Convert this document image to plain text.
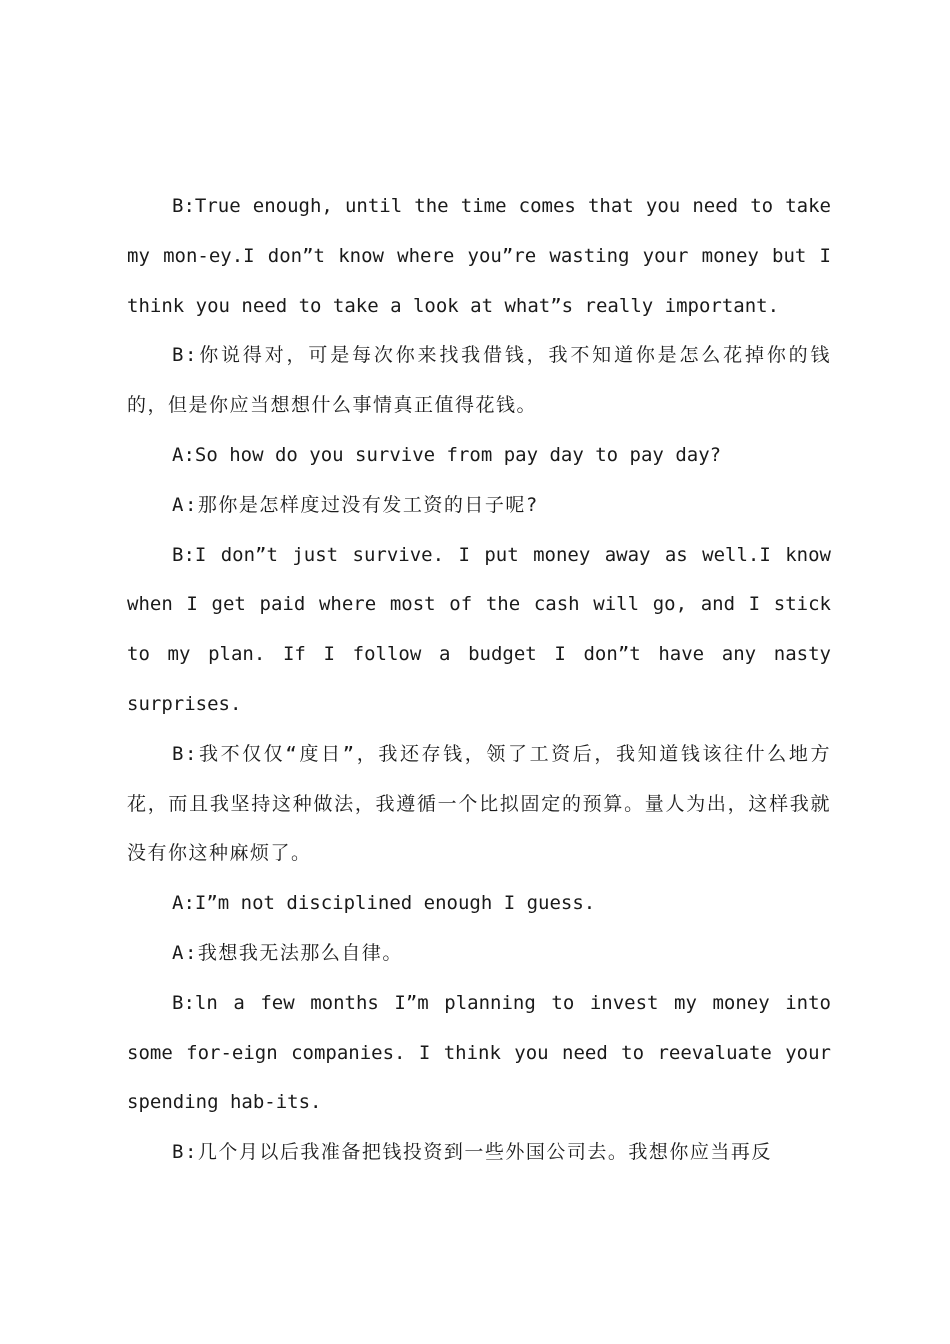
B:True enough, until the time comes that you need to take my mon-ey.I don”t know where you”re wasting your money but I think you need to take a look at what”s really important.

B:你说得对，可是每次你来找我借钱，我不知道你是怎么花掉你的钱的，但是你应当想想什么事情真正值得花钱。

A:So how do you survive from pay day to pay day?

A:那你是怎样度过没有发工资的日子呢?

B:I don”t just survive. I put money away as well.I know when I get paid where most of the cash will go, and I stick to my plan. If I follow a budget I don”t have any nasty surprises.

B:我不仅仅“度日”，我还存钱，领了工资后，我知道钱该往什么地方花，而且我坚持这种做法，我遵循一个比拟固定的预算。量人为出，这样我就没有你这种麻烦了。

A:I”m not disciplined enough I guess.

A:我想我无法那么自律。

B:ln a few months I”m planning to invest my money into some for-eign companies. I think you need to reevaluate your spending hab-its.

B:几个月以后我准备把钱投资到一些外国公司去。我想你应当再反
